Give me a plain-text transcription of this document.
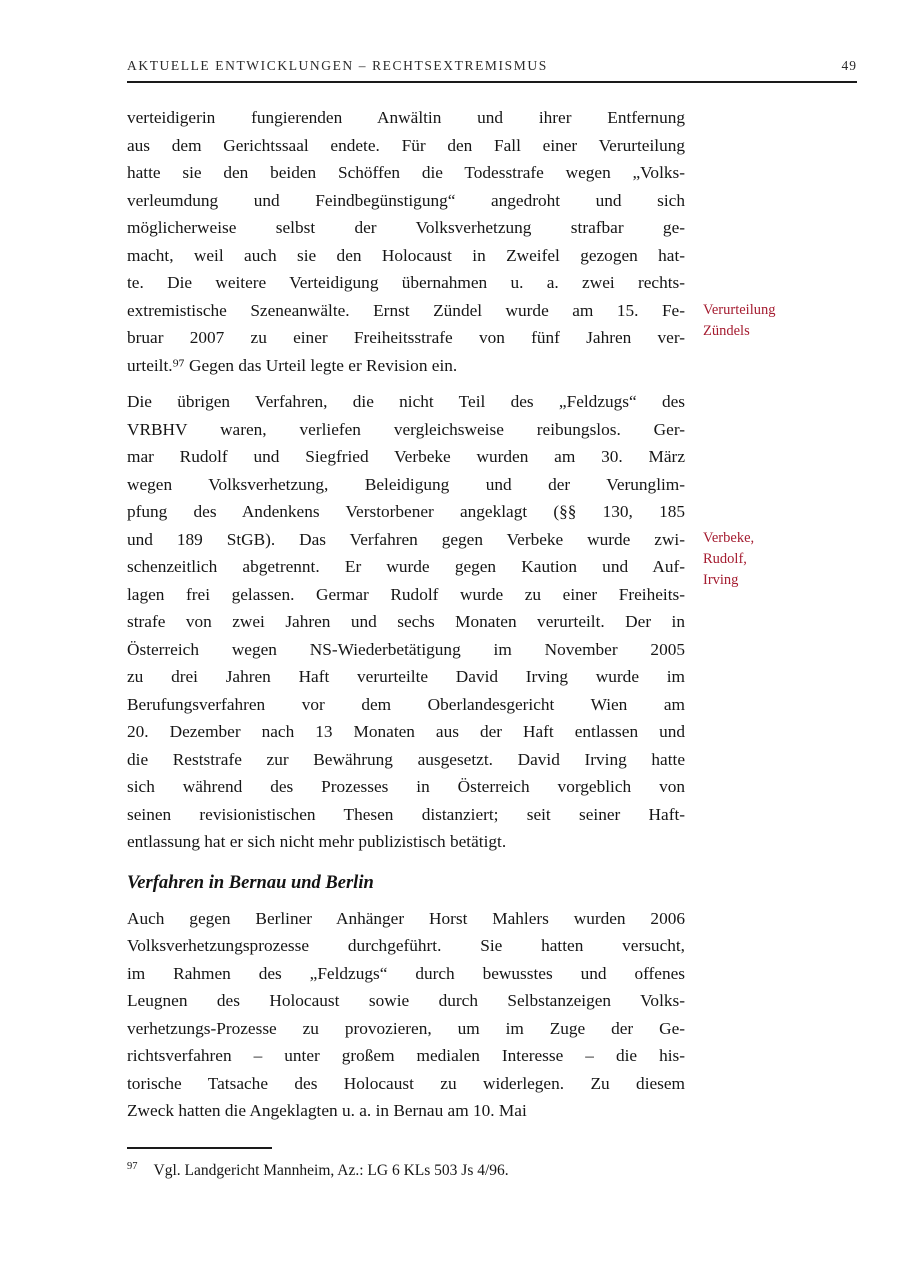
AKTUELLE ENTWICKLUNGEN – RECHTSEXTREMISMUS	49
verteidigerin fungierenden Anwältin und ihrer Entfernung
aus dem Gerichtssaal endete. Für den Fall einer Verurteilung
hatte sie den beiden Schöffen die Todesstrafe wegen „Volks-
verleumdung und Feindbegünstigung“ angedroht und sich
möglicherweise selbst der Volksverhetzung strafbar ge-
macht, weil auch sie den Holocaust in Zweifel gezogen hat-
te. Die weitere Verteidigung übernahmen u. a. zwei rechts-
extremistische Szeneanwälte. Ernst Zündel wurde am 15. Fe-
bruar 2007 zu einer Freiheitsstrafe von fünf Jahren ver-
urteilt.⁹⁷ Gegen das Urteil legte er Revision ein.
Die übrigen Verfahren, die nicht Teil des „Feldzugs“ des
VRBHV waren, verliefen vergleichsweise reibungslos. Ger-
mar Rudolf und Siegfried Verbeke wurden am 30. März
wegen Volksverhetzung, Beleidigung und der Verunglim-
pfung des Andenkens Verstorbener angeklagt (§§ 130, 185
und 189 StGB). Das Verfahren gegen Verbeke wurde zwi-
schenzeitlich abgetrennt. Er wurde gegen Kaution und Auf-
lagen frei gelassen. Germar Rudolf wurde zu einer Freiheits-
strafe von zwei Jahren und sechs Monaten verurteilt. Der in
Österreich wegen NS-Wiederbetätigung im November 2005
zu drei Jahren Haft verurteilte David Irving wurde im
Berufungsverfahren vor dem Oberlandesgericht Wien am
20. Dezember nach 13 Monaten aus der Haft entlassen und
die Reststrafe zur Bewährung ausgesetzt. David Irving hatte
sich während des Prozesses in Österreich vorgeblich von
seinen revisionistischen Thesen distanziert; seit seiner Haft-
entlassung hat er sich nicht mehr publizistisch betätigt.
Verfahren in Bernau und Berlin
Auch gegen Berliner Anhänger Horst Mahlers wurden 2006
Volksverhetzungsprozesse durchgeführt. Sie hatten versucht,
im Rahmen des „Feldzugs“ durch bewusstes und offenes
Leugnen des Holocaust sowie durch Selbstanzeigen Volks-
verhetzungs-Prozesse zu provozieren, um im Zuge der Ge-
richtsverfahren – unter großem medialen Interesse – die his-
torische Tatsache des Holocaust zu widerlegen. Zu diesem
Zweck hatten die Angeklagten u. a. in Bernau am 10. Mai
Verurteilung
Zündels
Verbeke,
Rudolf,
Irving
$^{97}$ Vgl. Landgericht Mannheim, Az.: LG 6 KLs 503 Js 4/96.
